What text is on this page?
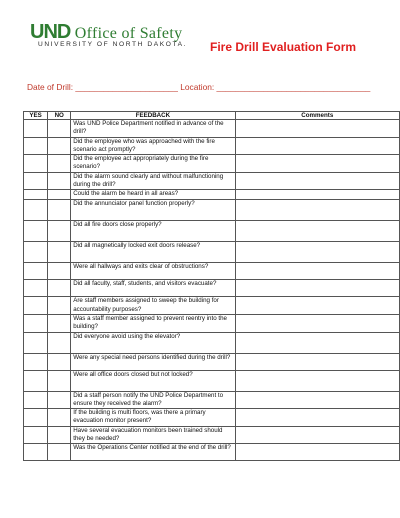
UND Office of Safety
UNIVERSITY OF NORTH DAKOTA. Fire Drill Evaluation Form
Date of Drill: ______________________ Location: _________________________________
YES	NO	FEEDBACK	Comments
		Was UND Police Department notified in advance of the drill?	
		Did the employee who was approached with the fire scenario act promptly?	
		Did the employee act appropriately during the fire scenario?	
		Did the alarm sound clearly and without malfunctioning during the drill?	
		Could the alarm be heard in all areas?	
		Did the annunciator panel function properly?	
		Did all fire doors close properly?	
		Did all magnetically locked exit doors release?	
		Were all hallways and exits clear of obstructions?	
		Did all faculty, staff, students, and visitors evacuate?	
		Are staff members assigned to sweep the building for accountability purposes?	
		Was a staff member assigned to prevent reentry into the building?	
		Did everyone avoid using the elevator?	
		Were any special need persons identified during the drill?	
		Were all office doors closed but not locked?	
		Did a staff person notify the UND Police Department to ensure they received the alarm?	
		If the building is multi floors, was there a primary evacuation monitor present?	
		Have several evacuation monitors been trained should they be needed?	
		Was the Operations Center notified at the end of the drill?	
